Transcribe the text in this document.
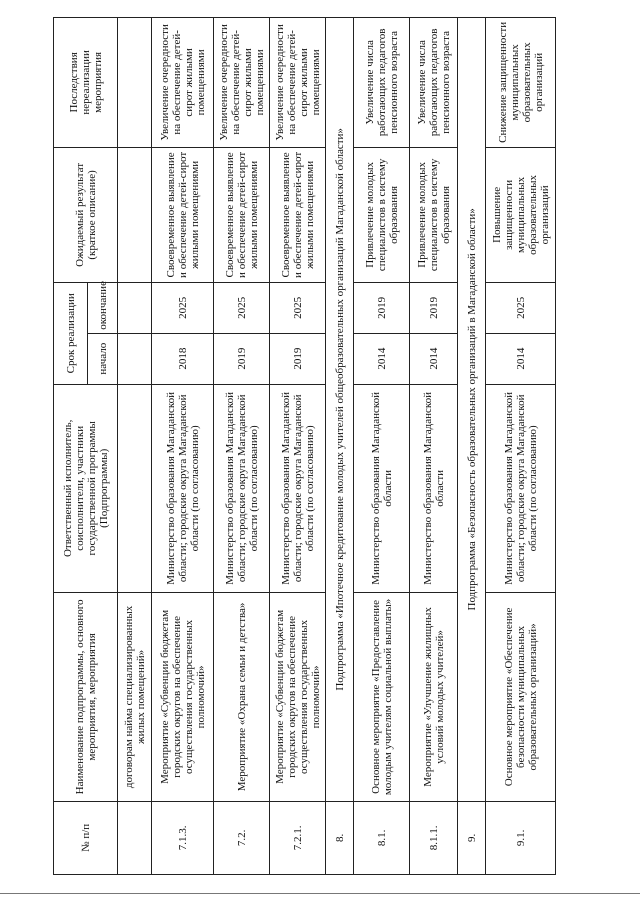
№ п/п	Наименование подпрограммы, основного мероприятия, мероприятия	Ответственный исполнитель, соисполнители, участники государственной программы (Подпрограммы)	Срок реализации		Ожидаемый результат (краткое описание)	Последствия нереализации мероприятия
			начало	окончание		
	договорам найма специализированных жилых помещений»					
7.1.3.	Мероприятие «Субвенции бюджетам городских округов на обеспечение осуществления государственных полномочий»	Министерство образования Магаданской области; городские округа Магаданской области (по согласованию)	2018	2025	Своевременное выявление и обеспечение детей-сирот жилыми помещениями	Увеличение очередности на обеспечение детей-сирот жилыми помещениями
7.2.	Мероприятие «Охрана семьи и детства»	Министерство образования Магаданской области; городские округа Магаданской области (по согласованию)	2019	2025	Своевременное выявление и обеспечение детей-сирот жилыми помещениями	Увеличение очередности на обеспечение детей-сирот жилыми помещениями
7.2.1.	Мероприятие «Субвенции бюджетам городских округов на обеспечение осуществления государственных полномочий»	Министерство образования Магаданской области; городские округа Магаданской области (по согласованию)	2019	2025	Своевременное выявление и обеспечение детей-сирот жилыми помещениями	Увеличение очередности на обеспечение детей-сирот жилыми помещениями
8.	Подпрограмма «Ипотечное кредитование молодых учителей общеобразовательных организаций Магаданской области»					
8.1.	Основное мероприятие «Предоставление молодым учителям социальной выплаты»	Министерство образования Магаданской области	2014	2019	Привлечение молодых специалистов в систему образования	Увеличение числа работающих педагогов пенсионного возраста
8.1.1.	Мероприятие «Улучшение жилищных условий молодых учителей»	Министерство образования Магаданской области	2014	2019	Привлечение молодых специалистов в систему образования	Увеличение числа работающих педагогов пенсионного возраста
9.	Подпрограмма «Безопасность образовательных организаций в Магаданской области»					
9.1.	Основное мероприятие «Обеспечение безопасности муниципальных образовательных организаций»	Министерство образования Магаданской области; городские округа Магаданской области (по согласованию)	2014	2025	Повышение защищенности муниципальных образовательных организаций	Снижение защищенности муниципальных образовательных организаций
